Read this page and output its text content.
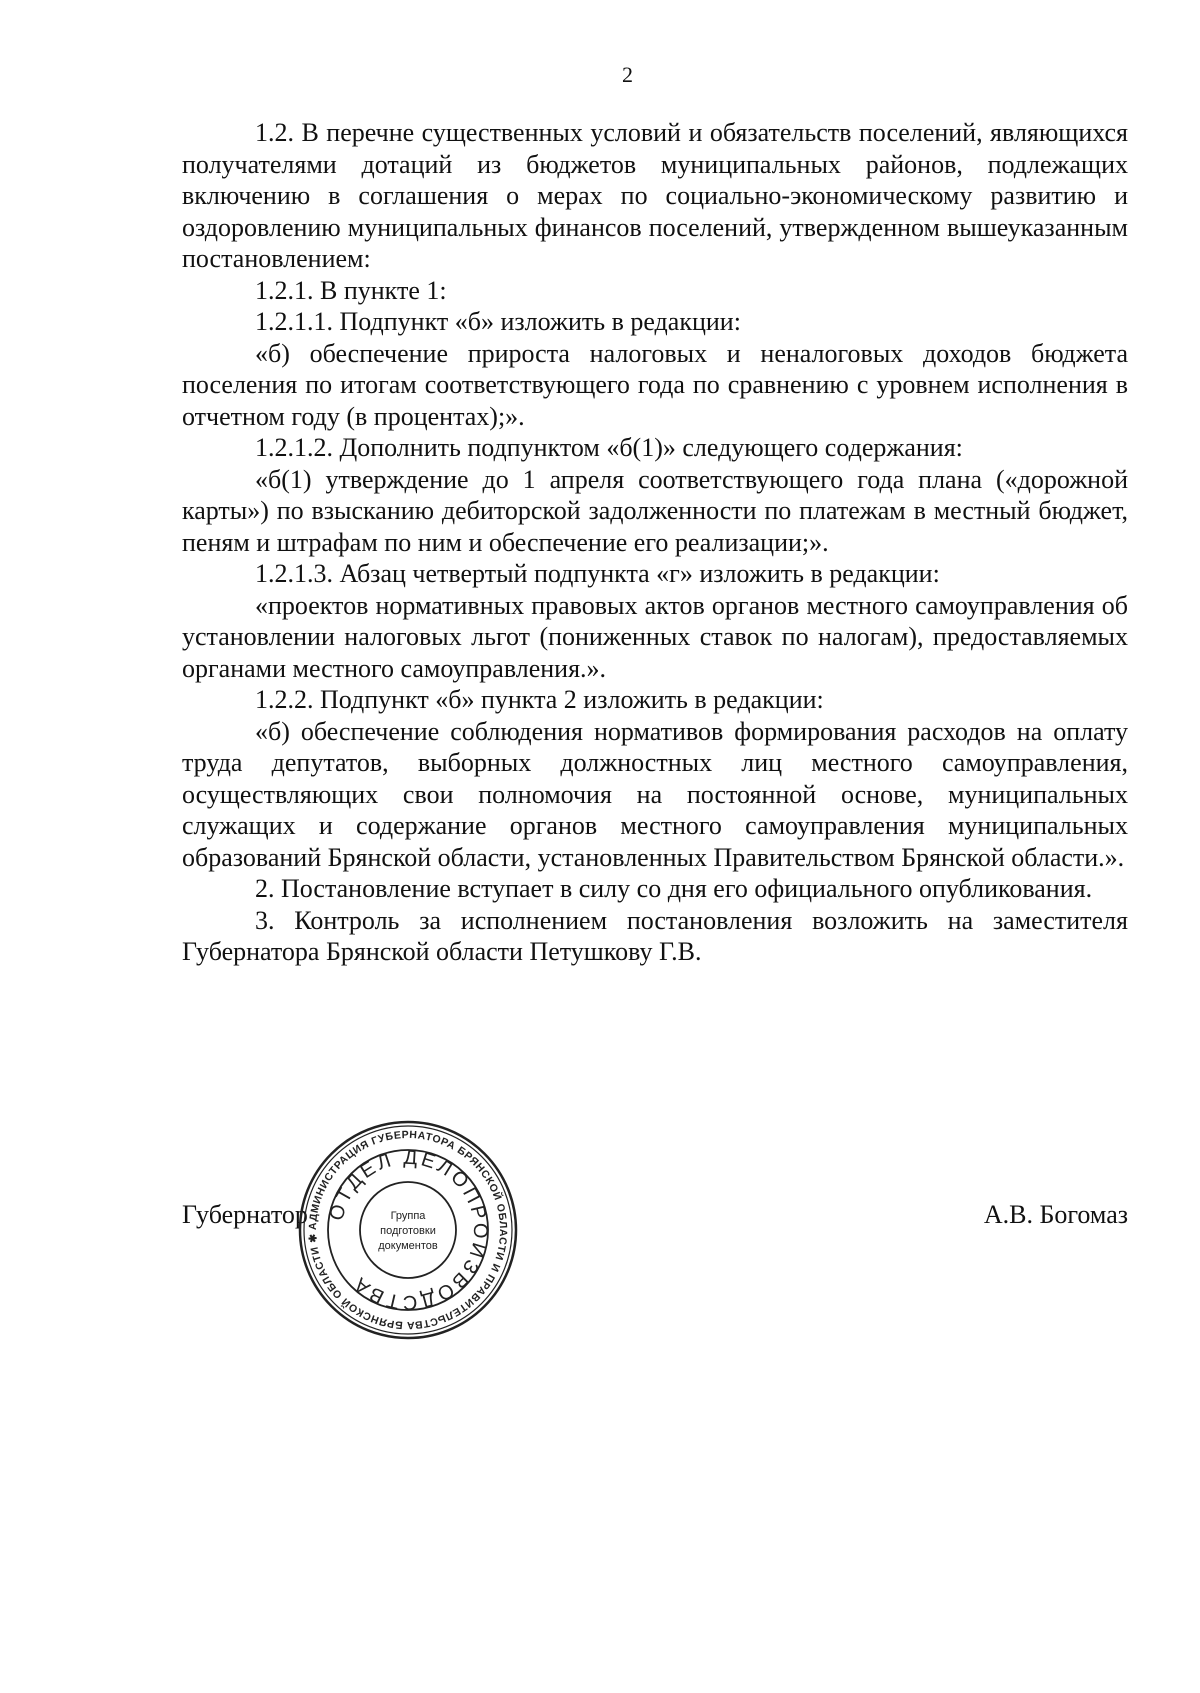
2

1.2. В перечне существенных условий и обязательств поселений, являющихся получателями дотаций из бюджетов муниципальных районов, подлежащих включению в соглашения о мерах по социально-экономическому развитию и оздоровлению муниципальных финансов поселений, утвержденном вышеуказанным постановлением:

1.2.1. В пункте 1:

1.2.1.1. Подпункт «б» изложить в редакции:

«б) обеспечение прироста налоговых и неналоговых доходов бюджета поселения по итогам соответствующего года по сравнению с уровнем исполнения в отчетном году (в процентах);».

1.2.1.2. Дополнить подпунктом «б(1)» следующего содержания:

«б(1) утверждение до 1 апреля соответствующего года плана («дорожной карты») по взысканию дебиторской задолженности по платежам в местный бюджет, пеням и штрафам по ним и обеспечение его реализации;».

1.2.1.3. Абзац четвертый подпункта «г» изложить в редакции:

«проектов нормативных правовых актов органов местного самоуправления об установлении налоговых льгот (пониженных ставок по налогам), предоставляемых органами местного самоуправления.».

1.2.2. Подпункт «б» пункта 2 изложить в редакции:

«б) обеспечение соблюдения нормативов формирования расходов на оплату труда депутатов, выборных должностных лиц местного самоуправления, осуществляющих свои полномочия на постоянной основе, муниципальных служащих и содержание органов местного самоуправления муниципальных образований Брянской области, установленных Правительством Брянской области.».

2. Постановление вступает в силу со дня его официального опубликования.

3. Контроль за исполнением постановления возложить на заместителя Губернатора Брянской области Петушкову Г.В.

Губернатор	А.В. Богомаз
АДМИНИСТРАЦИЯ ГУБЕРНАТОРА БРЯНСКОЙ ОБЛАСТИ И ПРАВИТЕЛЬСТВА БРЯНСКОЙ ОБЛАСТИ ✱
ОТДЕЛ ДЕЛОПРОИЗВОДСТВА
Группа
подготовки
документов
